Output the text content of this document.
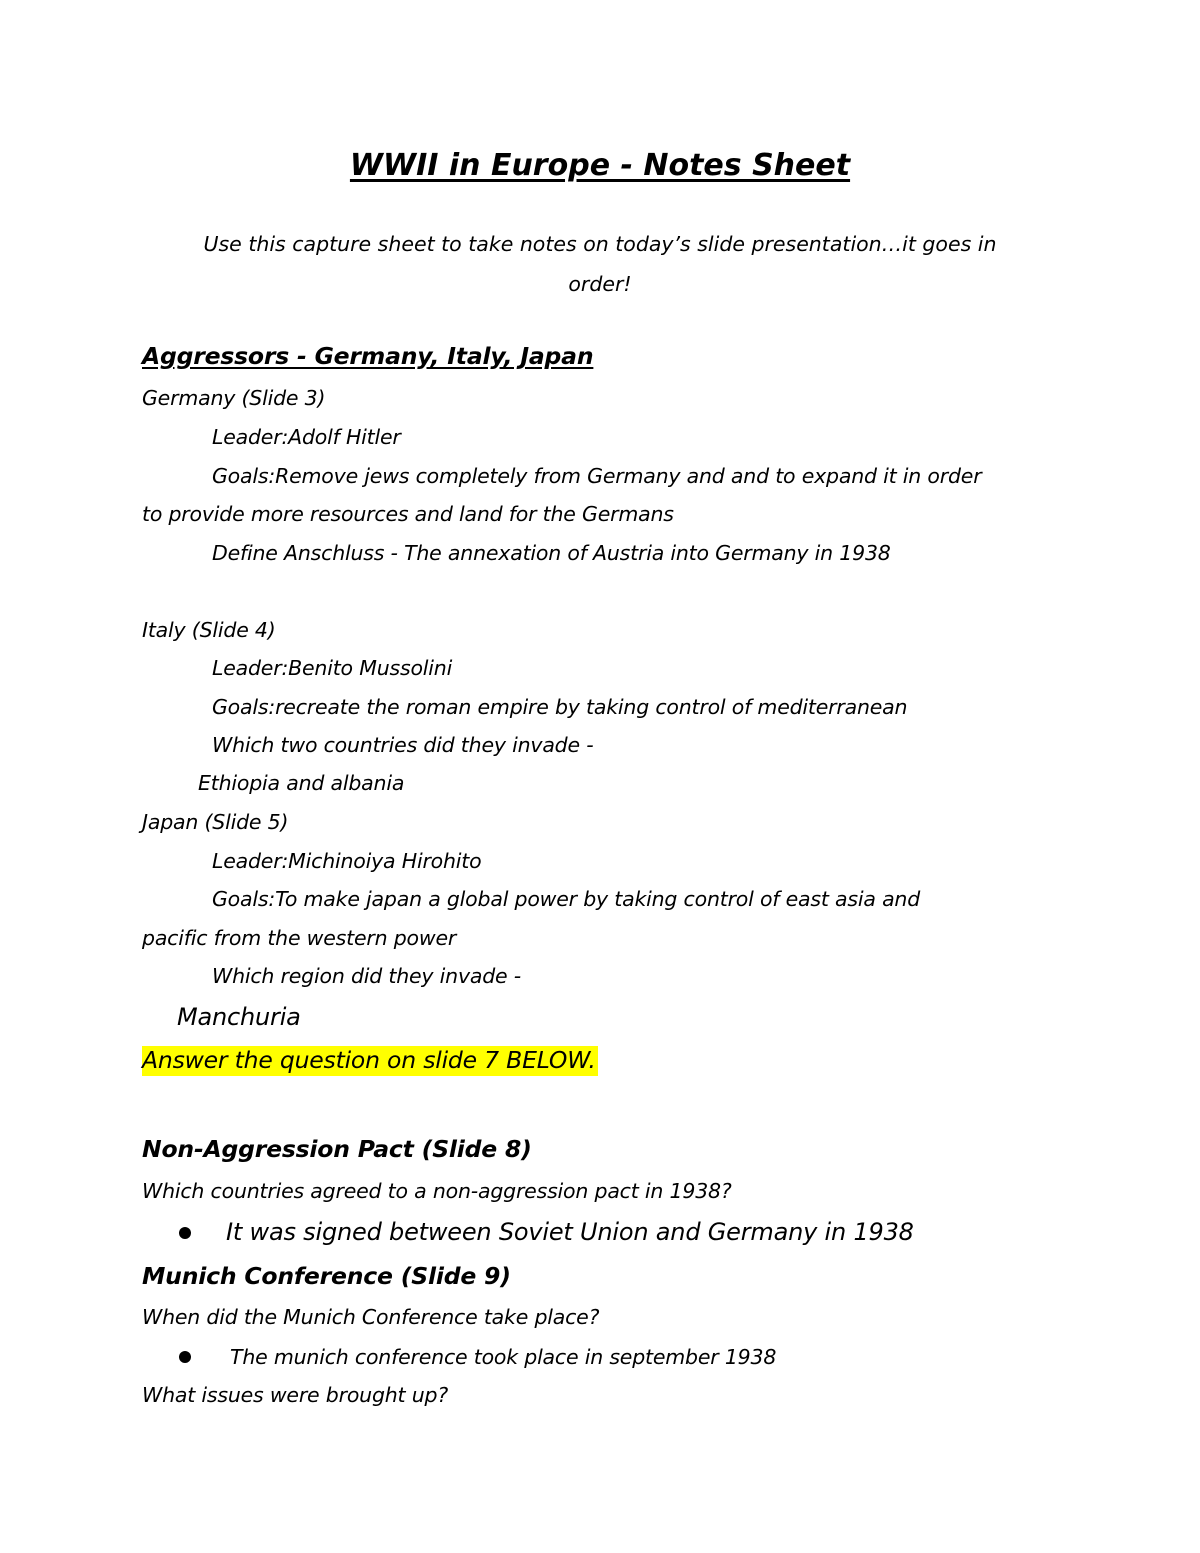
WWII in Europe - Notes Sheet
Use this capture sheet to take notes on today’s slide presentation…it goes in
order!
Aggressors - Germany, Italy, Japan
Germany (Slide 3)
Leader:Adolf Hitler
Goals:Remove jews completely from Germany and and to expand it in order
to provide more resources and land for the Germans
Define Anschluss - The annexation of Austria into Germany in 1938
Italy (Slide 4)
Leader:Benito Mussolini
Goals:recreate the roman empire by taking control of mediterranean
Which two countries did they invade -
Ethiopia and albania
Japan (Slide 5)
Leader:Michinoiya Hirohito
Goals:To make japan a global power by taking control of east asia and
pacific from the western power
Which region did they invade -
Manchuria
Answer the question on slide 7 BELOW.
Non-Aggression Pact (Slide 8)
Which countries agreed to a non-aggression pact in 1938?
It was signed between Soviet Union and Germany in 1938
Munich Conference (Slide 9)
When did the Munich Conference take place?
The munich conference took place in september 1938
What issues were brought up?
